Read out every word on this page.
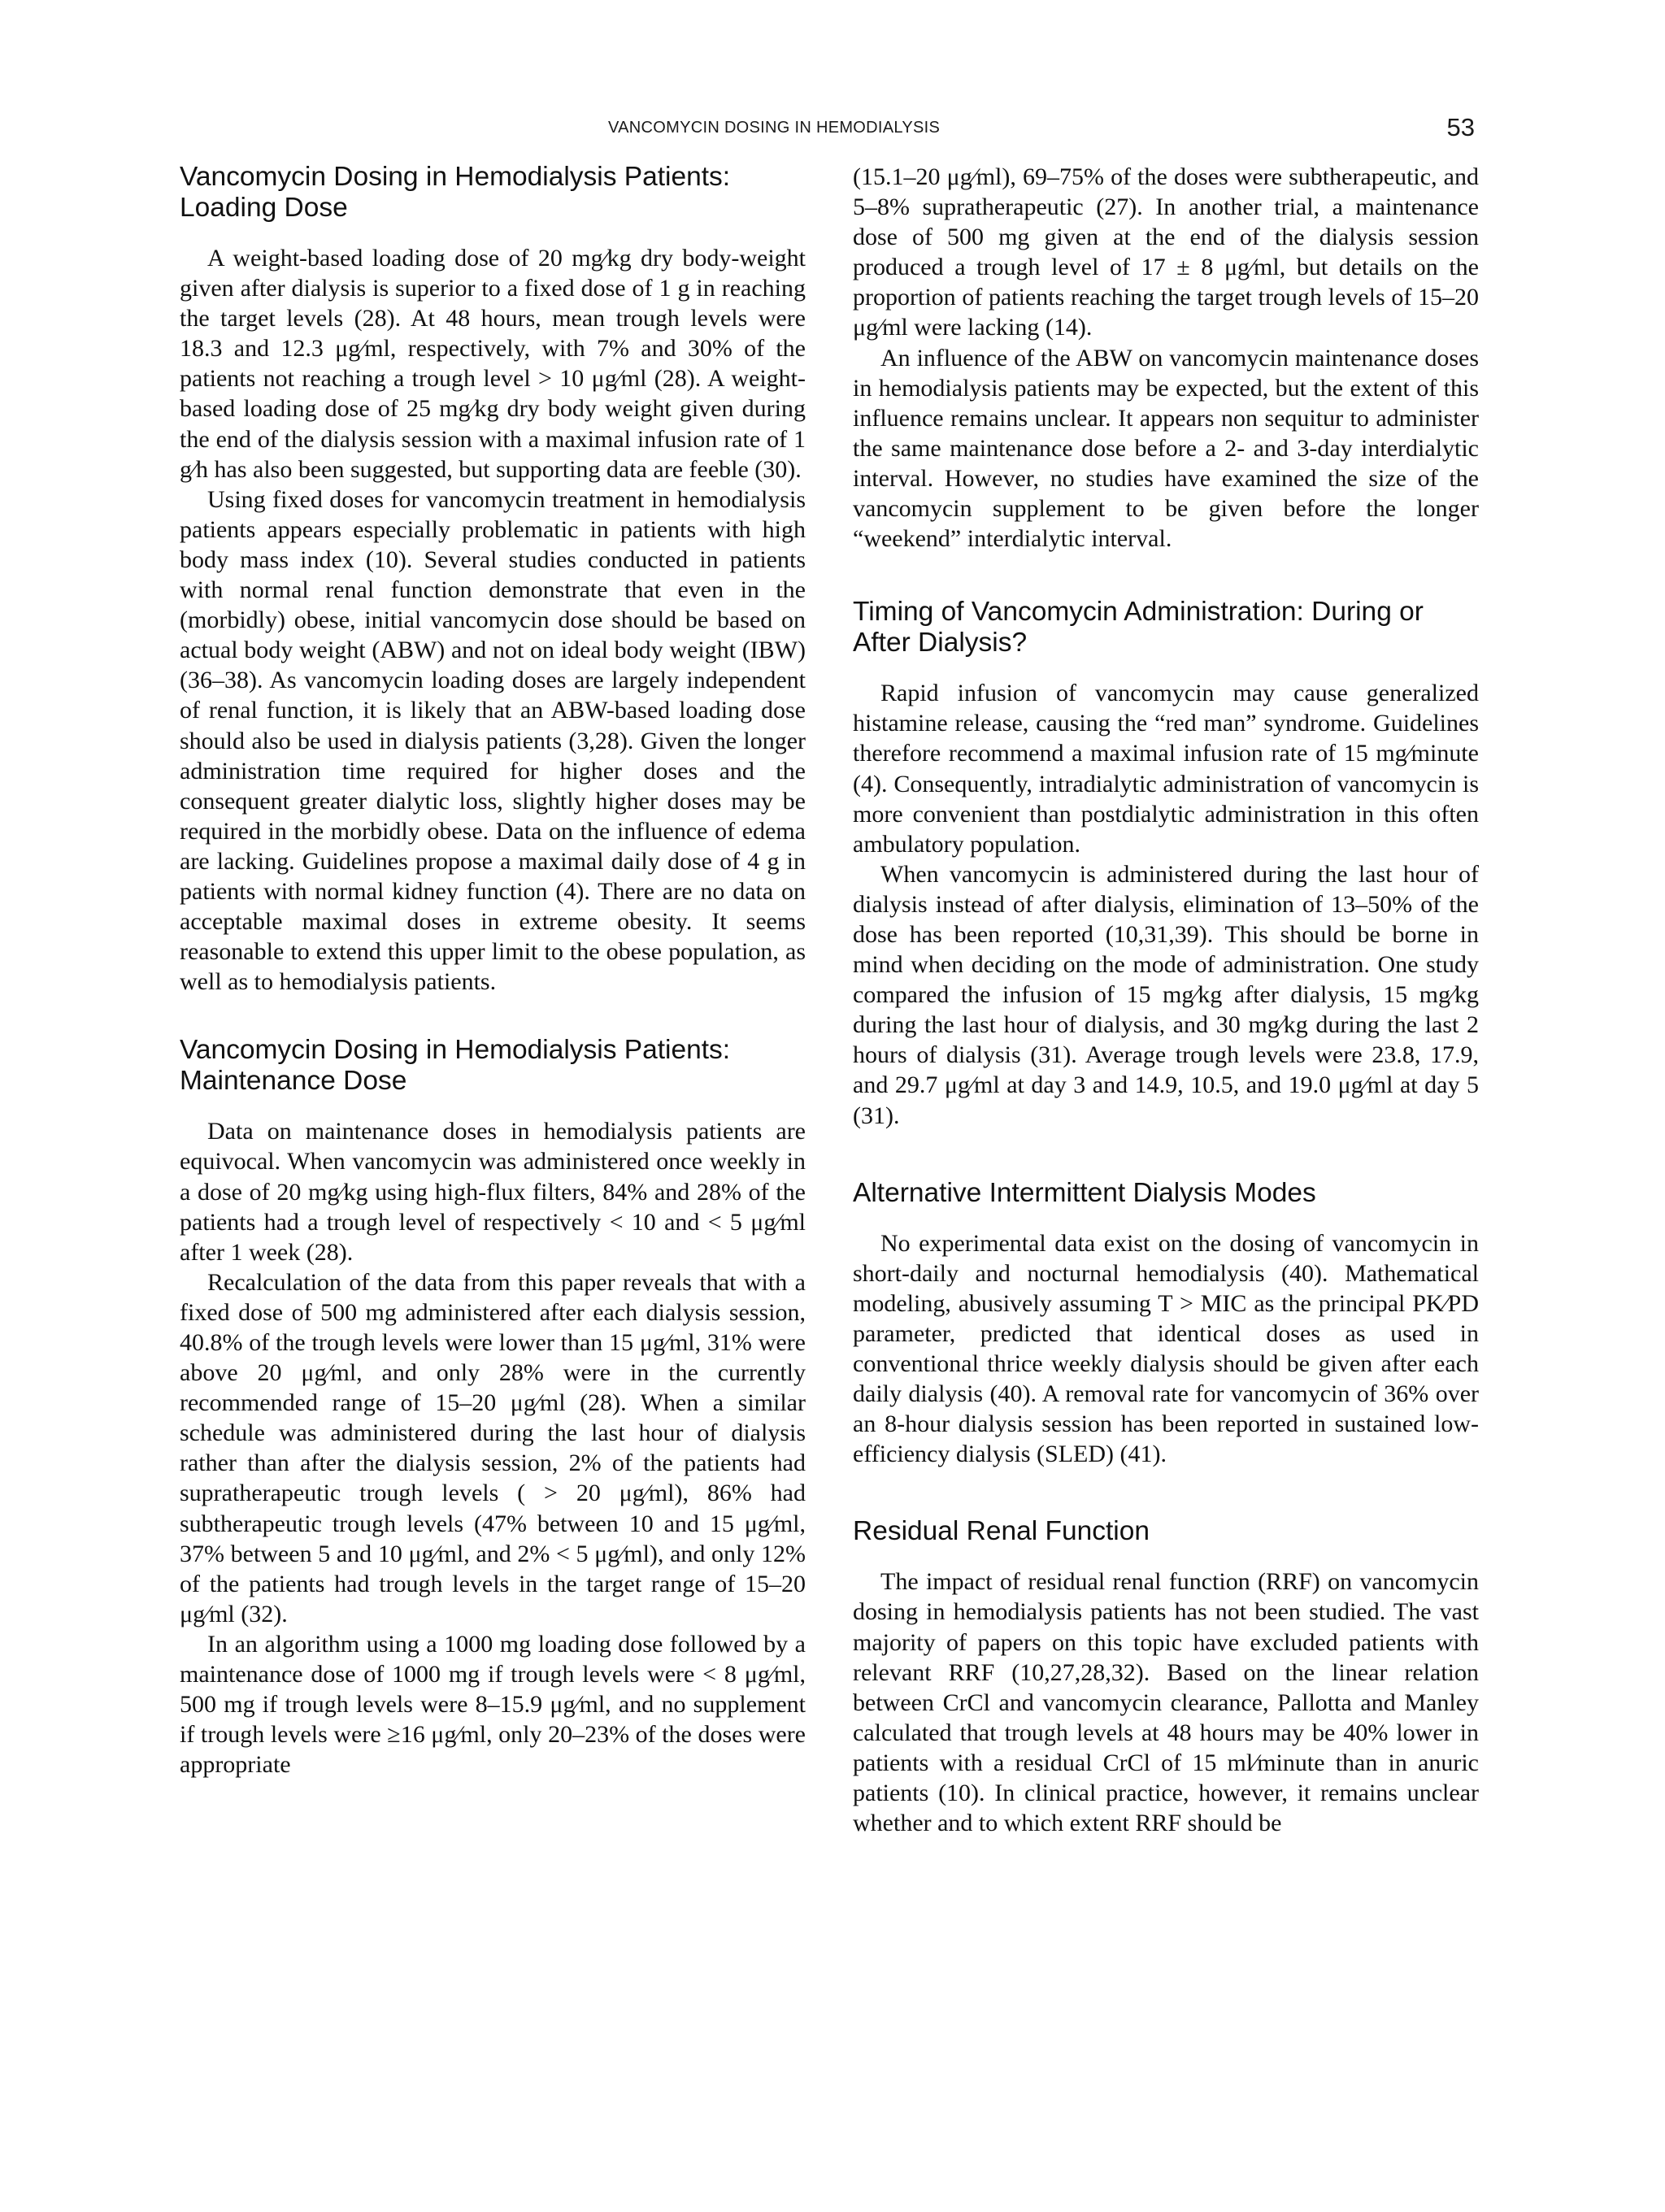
VANCOMYCIN DOSING IN HEMODIALYSIS	53
Vancomycin Dosing in Hemodialysis Patients: Loading Dose

A weight-based loading dose of 20 mg⁄kg dry body-weight given after dialysis is superior to a fixed dose of 1 g in reaching the target levels (28). At 48 hours, mean trough levels were 18.3 and 12.3 μg⁄ml, respectively, with 7% and 30% of the patients not reaching a trough level > 10 μg⁄ml (28). A weight-based loading dose of 25 mg⁄kg dry body weight given during the end of the dialysis session with a maximal infusion rate of 1 g⁄h has also been suggested, but supporting data are feeble (30).

Using fixed doses for vancomycin treatment in hemodialysis patients appears especially problematic in patients with high body mass index (10). Several studies conducted in patients with normal renal function demonstrate that even in the (morbidly) obese, initial vancomycin dose should be based on actual body weight (ABW) and not on ideal body weight (IBW) (36–38). As vancomycin loading doses are largely independent of renal function, it is likely that an ABW-based loading dose should also be used in dialysis patients (3,28). Given the longer administration time required for higher doses and the consequent greater dialytic loss, slightly higher doses may be required in the morbidly obese. Data on the influence of edema are lacking. Guidelines propose a maximal daily dose of 4 g in patients with normal kidney function (4). There are no data on acceptable maximal doses in extreme obesity. It seems reasonable to extend this upper limit to the obese population, as well as to hemodialysis patients.

Vancomycin Dosing in Hemodialysis Patients: Maintenance Dose

Data on maintenance doses in hemodialysis patients are equivocal. When vancomycin was administered once weekly in a dose of 20 mg⁄kg using high-flux filters, 84% and 28% of the patients had a trough level of respectively < 10 and < 5 μg⁄ml after 1 week (28).

Recalculation of the data from this paper reveals that with a fixed dose of 500 mg administered after each dialysis session, 40.8% of the trough levels were lower than 15 μg⁄ml, 31% were above 20 μg⁄ml, and only 28% were in the currently recommended range of 15–20 μg⁄ml (28). When a similar schedule was administered during the last hour of dialysis rather than after the dialysis session, 2% of the patients had supratherapeutic trough levels ( > 20 μg⁄ml), 86% had subtherapeutic trough levels (47% between 10 and 15 μg⁄ml, 37% between 5 and 10 μg⁄ml, and 2% < 5 μg⁄ml), and only 12% of the patients had trough levels in the target range of 15–20 μg⁄ml (32).

In an algorithm using a 1000 mg loading dose followed by a maintenance dose of 1000 mg if trough levels were < 8 μg⁄ml, 500 mg if trough levels were 8–15.9 μg⁄ml, and no supplement if trough levels were ≥16 μg⁄ml, only 20–23% of the doses were appropriate

(15.1–20 μg⁄ml), 69–75% of the doses were subtherapeutic, and 5–8% supratherapeutic (27). In another trial, a maintenance dose of 500 mg given at the end of the dialysis session produced a trough level of 17 ± 8 μg⁄ml, but details on the proportion of patients reaching the target trough levels of 15–20 μg⁄ml were lacking (14).

An influence of the ABW on vancomycin maintenance doses in hemodialysis patients may be expected, but the extent of this influence remains unclear. It appears non sequitur to administer the same maintenance dose before a 2- and 3-day interdialytic interval. However, no studies have examined the size of the vancomycin supplement to be given before the longer “weekend” interdialytic interval.

Timing of Vancomycin Administration: During or After Dialysis?

Rapid infusion of vancomycin may cause generalized histamine release, causing the “red man” syndrome. Guidelines therefore recommend a maximal infusion rate of 15 mg⁄minute (4). Consequently, intradialytic administration of vancomycin is more convenient than postdialytic administration in this often ambulatory population.

When vancomycin is administered during the last hour of dialysis instead of after dialysis, elimination of 13–50% of the dose has been reported (10,31,39). This should be borne in mind when deciding on the mode of administration. One study compared the infusion of 15 mg⁄kg after dialysis, 15 mg⁄kg during the last hour of dialysis, and 30 mg⁄kg during the last 2 hours of dialysis (31). Average trough levels were 23.8, 17.9, and 29.7 μg⁄ml at day 3 and 14.9, 10.5, and 19.0 μg⁄ml at day 5 (31).

Alternative Intermittent Dialysis Modes

No experimental data exist on the dosing of vancomycin in short-daily and nocturnal hemodialysis (40). Mathematical modeling, abusively assuming T > MIC as the principal PK⁄PD parameter, predicted that identical doses as used in conventional thrice weekly dialysis should be given after each daily dialysis (40). A removal rate for vancomycin of 36% over an 8-hour dialysis session has been reported in sustained low-efficiency dialysis (SLED) (41).

Residual Renal Function

The impact of residual renal function (RRF) on vancomycin dosing in hemodialysis patients has not been studied. The vast majority of papers on this topic have excluded patients with relevant RRF (10,27,28,32). Based on the linear relation between CrCl and vancomycin clearance, Pallotta and Manley calculated that trough levels at 48 hours may be 40% lower in patients with a residual CrCl of 15 ml⁄minute than in anuric patients (10). In clinical practice, however, it remains unclear whether and to which extent RRF should be
